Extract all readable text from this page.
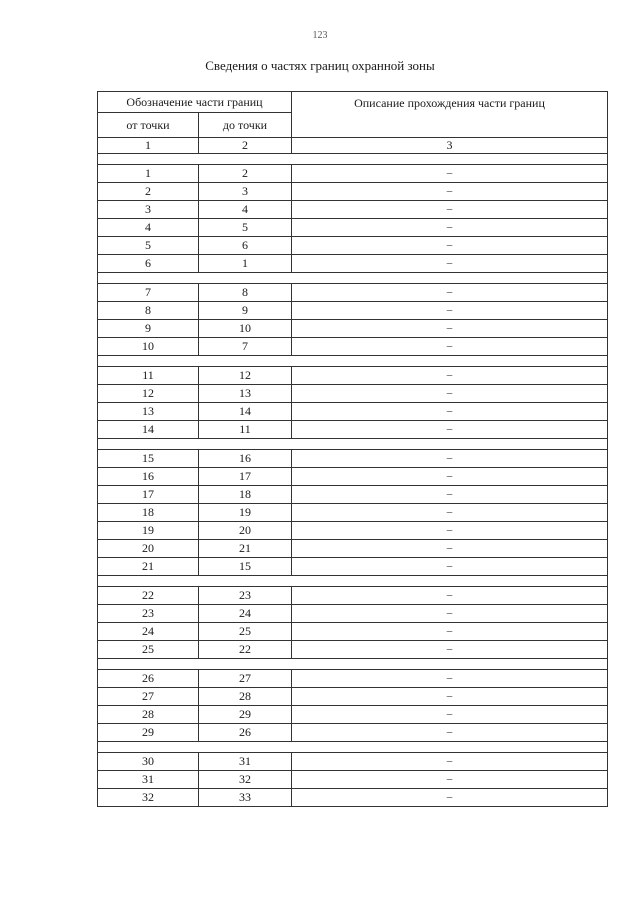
123
Сведения о частях границ охранной зоны
Обозначение части границ		Описание прохождения части границ
от точки	до точки	
1	2	3

1	2	–
2	3	–
3	4	–
4	5	–
5	6	–
6	1	–

7	8	–
8	9	–
9	10	–
10	7	–

11	12	–
12	13	–
13	14	–
14	11	–

15	16	–
16	17	–
17	18	–
18	19	–
19	20	–
20	21	–
21	15	–

22	23	–
23	24	–
24	25	–
25	22	–

26	27	–
27	28	–
28	29	–
29	26	–

30	31	–
31	32	–
32	33	–
